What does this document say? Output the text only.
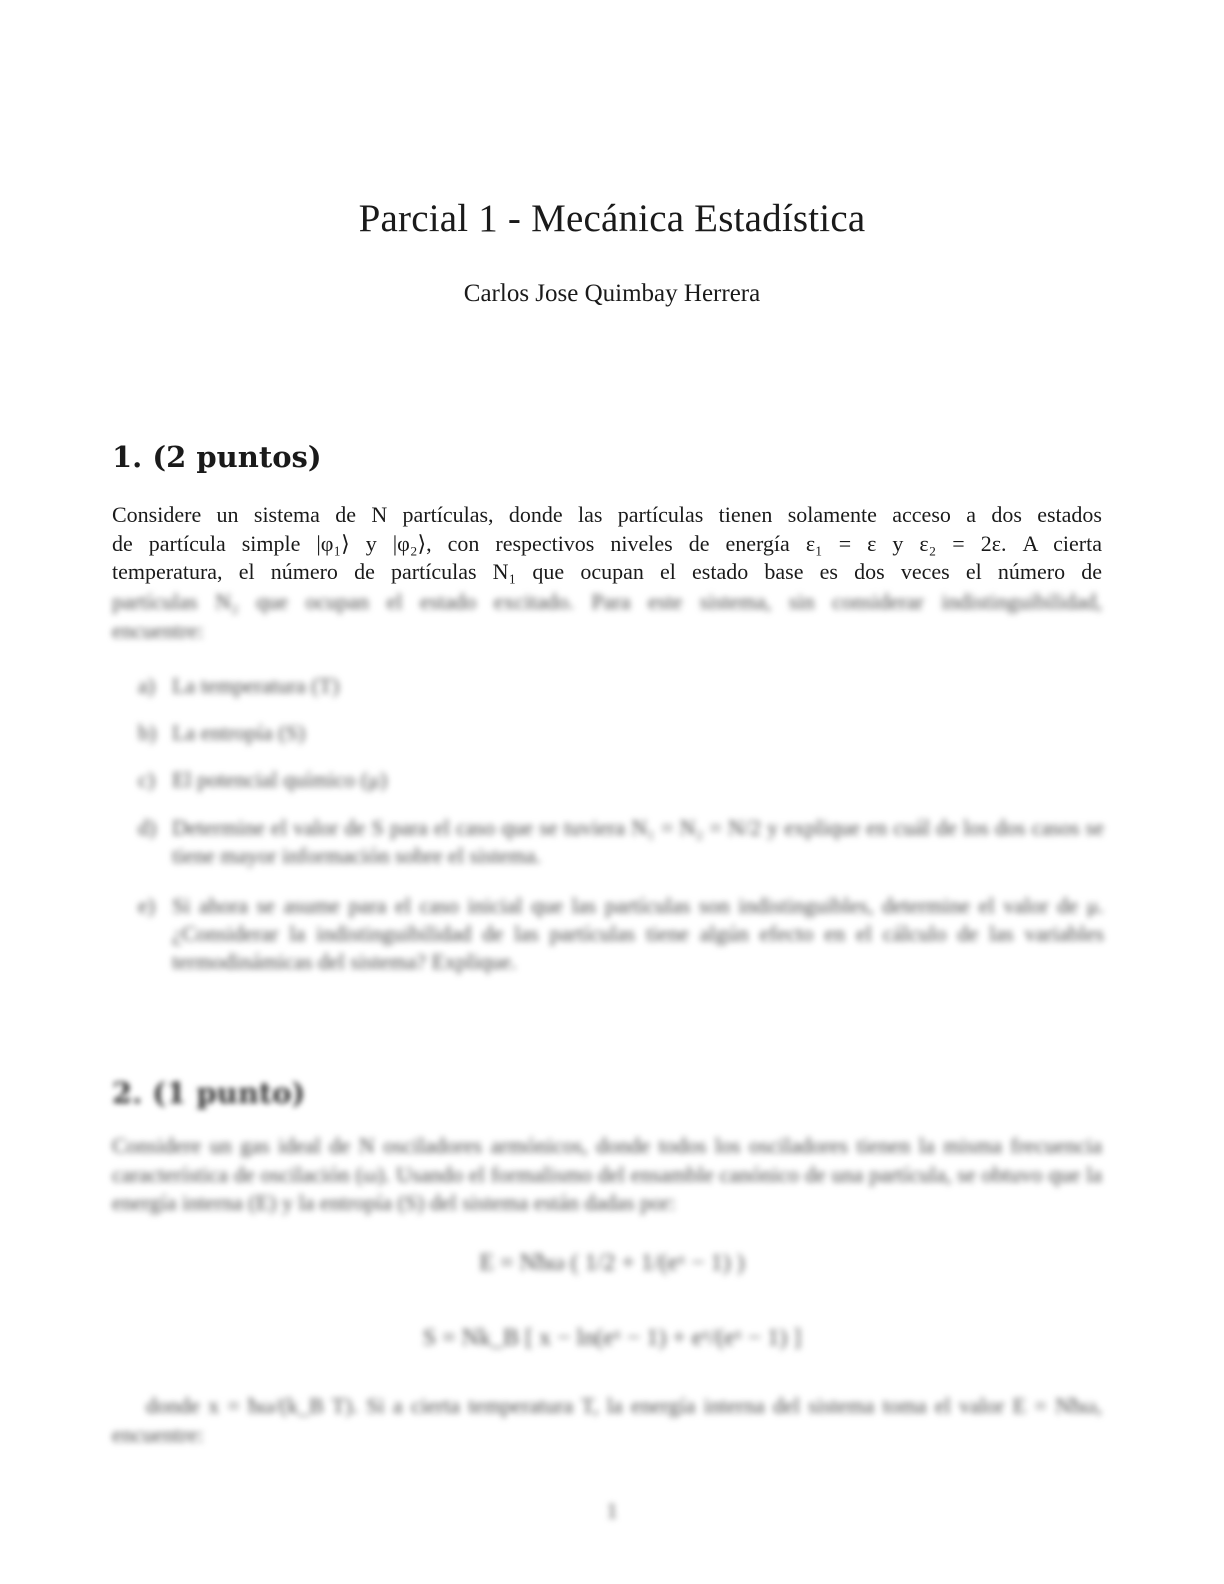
Parcial 1 - Mecánica Estadística
Carlos Jose Quimbay Herrera
1. (2 puntos)
Considere un sistema de N partículas, donde las partículas tienen solamente acceso a dos estados
de partícula simple |φ₁⟩ y |φ₂⟩, con respectivos niveles de energía ε₁ = ε y ε₂ = 2ε. A cierta
temperatura, el número de partículas N₁ que ocupan el estado base es dos veces el número de
partículas N₂ que ocupan el estado excitado. Para este sistema, sin considerar indistinguibilidad,
encuentre:
a) La temperatura (T)
b) La entropía (S)
c) El potencial químico (μ)
d) Determine el valor de S para el caso que se tuviera N₁ = N₂ = N/2 y explique en cuál de los dos casos se tiene mayor información sobre el sistema.
e) Si ahora se asume para el caso inicial que las partículas son indistinguibles, determine el valor de μ. ¿Considerar la indistinguibilidad de las partículas tiene algún efecto en el cálculo de las variables termodinámicas del sistema? Explique.
2. (1 punto)
Considere un gas ideal de N osciladores armónicos, donde todos los osciladores tienen la misma frecuencia característica de oscilación (ω). Usando el formalismo del ensamble canónico de una partícula, se obtuvo que la energía interna (E) y la entropía (S) del sistema están dadas por:
E = Nħω ( 1/2 + 1/(eˣ − 1) )
S = Nk_B [ x − ln(eˣ − 1) + eˣ/(eˣ − 1) ]
donde x = ħω/(k_B T). Si a cierta temperatura T, la energía interna del sistema toma el valor E = Nħω, encuentre:
1
